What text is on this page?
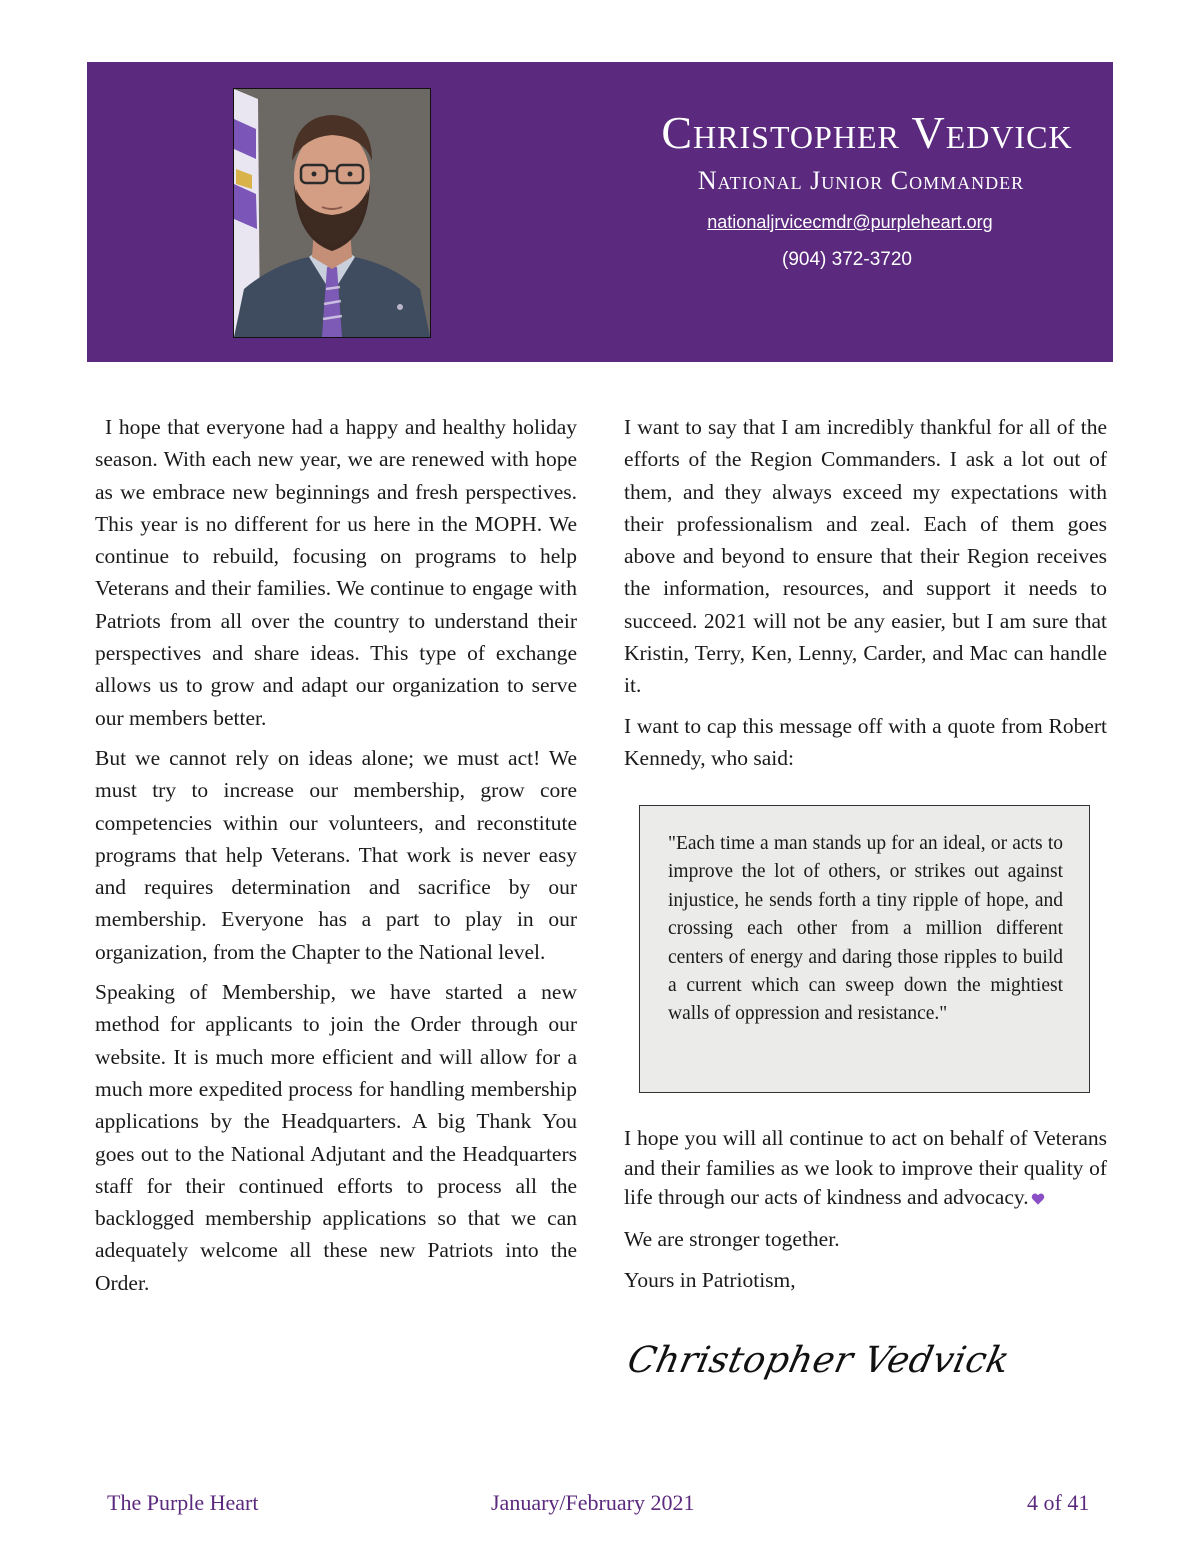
Christopher Vedvick
National Junior Commander
nationaljrvicecmdr@purpleheart.org
(904) 372-3720

I hope that everyone had a happy and healthy holiday season. With each new year, we are renewed with hope as we embrace new beginnings and fresh perspectives. This year is no different for us here in the MOPH. We continue to rebuild, focusing on programs to help Veterans and their families. We continue to engage with Patriots from all over the country to understand their perspectives and share ideas. This type of exchange allows us to grow and adapt our organization to serve our members better.

But we cannot rely on ideas alone; we must act! We must try to increase our membership, grow core competencies within our volunteers, and reconstitute programs that help Veterans. That work is never easy and requires determination and sacrifice by our membership. Everyone has a part to play in our organization, from the Chapter to the National level.

Speaking of Membership, we have started a new method for applicants to join the Order through our website. It is much more efficient and will allow for a much more expedited process for handling membership applications by the Headquarters. A big Thank You goes out to the National Adjutant and the Headquarters staff for their continued efforts to process all the backlogged membership applications so that we can adequately welcome all these new Patriots into the Order.

I want to say that I am incredibly thankful for all of the efforts of the Region Commanders. I ask a lot out of them, and they always exceed my expectations with their professionalism and zeal. Each of them goes above and beyond to ensure that their Region receives the information, resources, and support it needs to succeed. 2021 will not be any easier, but I am sure that Kristin, Terry, Ken, Lenny, Carder, and Mac can handle it.

I want to cap this message off with a quote from Robert Kennedy, who said:

"Each time a man stands up for an ideal, or acts to improve the lot of others, or strikes out against injustice, he sends forth a tiny ripple of hope, and crossing each other from a million different centers of energy and daring those ripples to build a current which can sweep down the mightiest walls of oppression and resistance."

I hope you will all continue to act on behalf of Veterans and their families as we look to improve their quality of life through our acts of kindness and advocacy.

We are stronger together.

Yours in Patriotism,

Christopher Vedvick
The Purple Heart	January/February 2021	4 of 41
